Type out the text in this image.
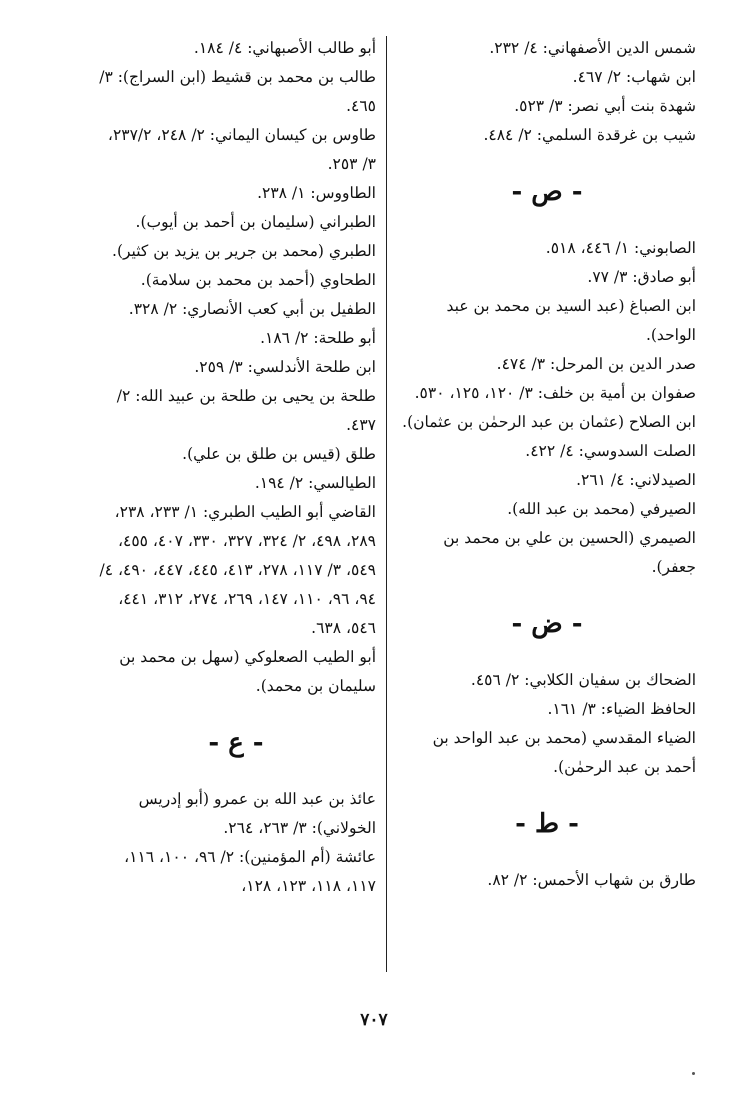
شمس الدين الأصفهاني: ٤/ ٢٣٢.
ابن شهاب: ٢/ ٤٦٧.
شهدة بنت أبي نصر: ٣/ ٥٢٣.
شيب بن غرقدة السلمي: ٢/ ٤٨٤.
- ص -
الصابوني: ١/ ٤٤٦، ٥١٨.
أبو صادق: ٣/ ٧٧.
ابن الصباغ (عبد السيد بن محمد بن عبد الواحد).
صدر الدين بن المرحل: ٣/ ٤٧٤.
صفوان بن أمية بن خلف: ٣/ ١٢٠، ١٢٥، ٥٣٠.
ابن الصلاح (عثمان بن عبد الرحمٰن بن عثمان).
الصلت السدوسي: ٤/ ٤٢٢.
الصيدلاني: ٤/ ٢٦١.
الصيرفي (محمد بن عبد الله).
الصيمري (الحسين بن علي بن محمد بن جعفر).
- ض -
الضحاك بن سفيان الكلابي: ٢/ ٤٥٦.
الحافظ الضياء: ٣/ ١٦١.
الضياء المقدسي (محمد بن عبد الواحد بن أحمد بن عبد الرحمٰن).
- ط -
طارق بن شهاب الأحمس: ٢/ ٨٢.
أبو طالب الأصبهاني: ٤/ ١٨٤.
طالب بن محمد بن قشيط (ابن السراج): ٣/ ٤٦٥.
طاوس بن كيسان اليماني: ٢/ ٢٤٨، ٢٣٧/٢، ٣/ ٢٥٣.
الطاووس: ١/ ٢٣٨.
الطبراني (سليمان بن أحمد بن أيوب).
الطبري (محمد بن جرير بن يزيد بن كثير).
الطحاوي (أحمد بن محمد بن سلامة).
الطفيل بن أبي كعب الأنصاري: ٢/ ٣٢٨.
أبو طلحة: ٢/ ١٨٦.
ابن طلحة الأندلسي: ٣/ ٢٥٩.
طلحة بن يحيى بن طلحة بن عبيد الله: ٢/ ٤٣٧.
طلق (قيس بن طلق بن علي).
الطيالسي: ٢/ ١٩٤.
القاضي أبو الطيب الطبري: ١/ ٢٣٣، ٢٣٨، ٢٨٩، ٤٩٨، ٢/ ٣٢٤، ٣٢٧، ٣٣٠، ٤٠٧، ٤٥٥، ٥٤٩، ٣/ ١١٧، ٢٧٨، ٤١٣، ٤٤٥، ٤٤٧، ٤٩٠، ٤/ ٩٤، ٩٦، ١١٠، ١٤٧، ٢٦٩، ٢٧٤، ٣١٢، ٤٤١، ٥٤٦، ٦٣٨.
أبو الطيب الصعلوكي (سهل بن محمد بن سليمان بن محمد).
- ع -
عائذ بن عبد الله بن عمرو (أبو إدريس الخولاني): ٣/ ٢٦٣، ٢٦٤.
عائشة (أم المؤمنين): ٢/ ٩٦، ١٠٠، ١١٦، ١١٧، ١١٨، ١٢٣، ١٢٨،
٧٠٧
